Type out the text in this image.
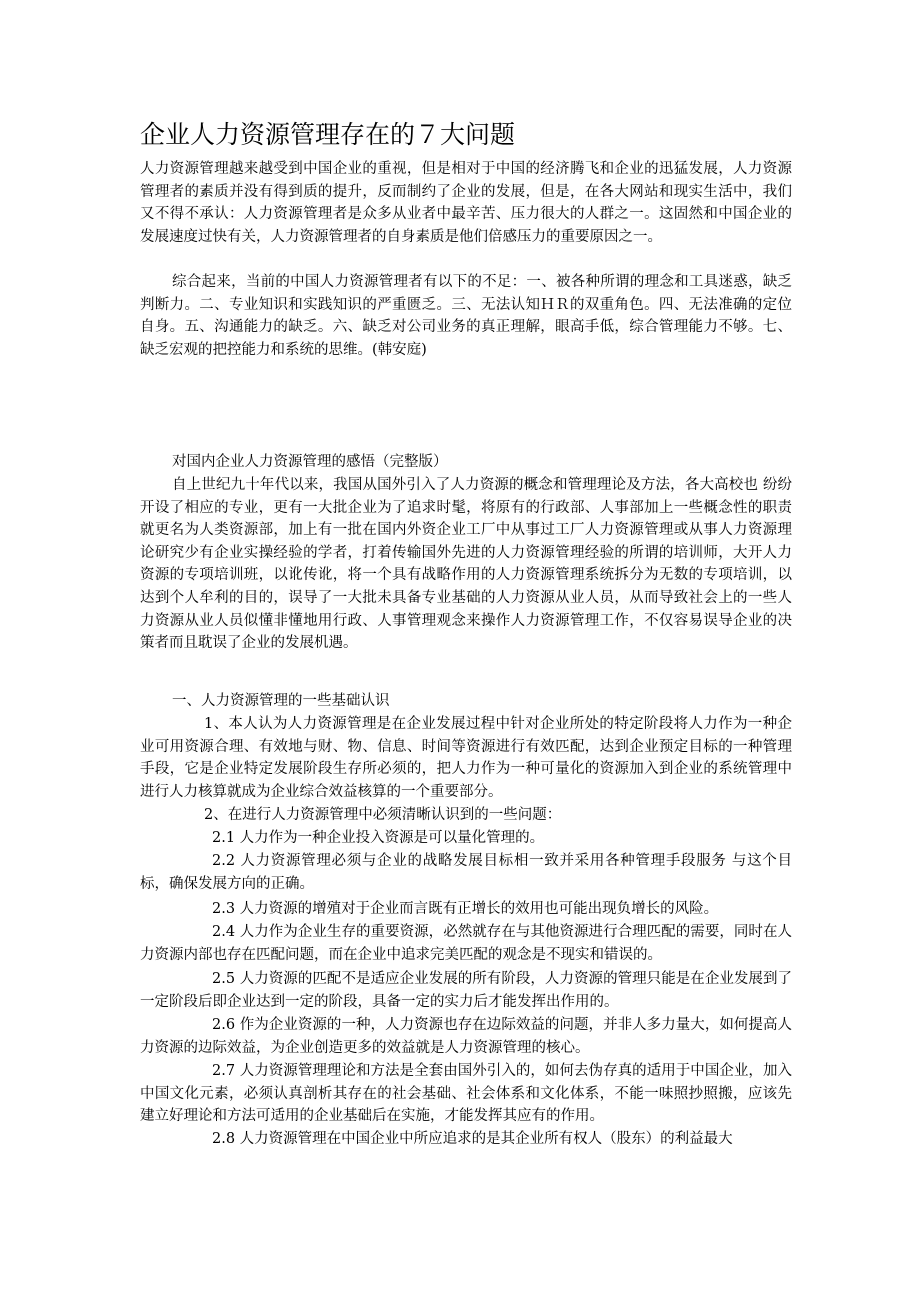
企业人力资源管理存在的７大问题

人力资源管理越来越受到中国企业的重视，但是相对于中国的经济腾飞和企业的迅猛发展，人力资源管理者的素质并没有得到质的提升，反而制约了企业的发展，但是，在各大网站和现实生活中，我们又不得不承认：人力资源管理者是众多从业者中最辛苦、压力很大的人群之一。这固然和中国企业的发展速度过快有关，人力资源管理者的自身素质是他们倍感压力的重要原因之一。

综合起来，当前的中国人力资源管理者有以下的不足：一、被各种所谓的理念和工具迷惑，缺乏判断力。二、专业知识和实践知识的严重匮乏。三、无法认知ＨＲ的双重角色。四、无法准确的定位自身。五、沟通能力的缺乏。六、缺乏对公司业务的真正理解，眼高手低，综合管理能力不够。七、缺乏宏观的把控能力和系统的思维。(韩安庭)

对国内企业人力资源管理的感悟（完整版）

自上世纪九十年代以来，我国从国外引入了人力资源的概念和管理理论及方法，各大高校也 纷纷开设了相应的专业，更有一大批企业为了追求时髦，将原有的行政部、人事部加上一些概念性的职责就更名为人类资源部，加上有一批在国内外资企业工厂中从事过工厂人力资源管理或从事人力资源理论研究少有企业实操经验的学者，打着传输国外先进的人力资源管理经验的所谓的培训师，大开人力资源的专项培训班，以讹传讹，将一个具有战略作用的人力资源管理系统拆分为无数的专项培训，以达到个人牟利的目的，误导了一大批未具备专业基础的人力资源从业人员，从而导致社会上的一些人力资源从业人员似懂非懂地用行政、人事管理观念来操作人力资源管理工作，不仅容易误导企业的决策者而且耽误了企业的发展机遇。

一、人力资源管理的一些基础认识

1、本人认为人力资源管理是在企业发展过程中针对企业所处的特定阶段将人力作为一种企业可用资源合理、有效地与财、物、信息、时间等资源进行有效匹配，达到企业预定目标的一种管理手段，它是企业特定发展阶段生存所必须的，把人力作为一种可量化的资源加入到企业的系统管理中进行人力核算就成为企业综合效益核算的一个重要部分。

2、在进行人力资源管理中必须清晰认识到的一些问题：

2.1 人力作为一种企业投入资源是可以量化管理的。

2.2 人力资源管理必须与企业的战略发展目标相一致并采用各种管理手段服务 与这个目标，确保发展方向的正确。

2.3 人力资源的增殖对于企业而言既有正增长的效用也可能出现负增长的风险。

2.4 人力作为企业生存的重要资源，必然就存在与其他资源进行合理匹配的需要，同时在人力资源内部也存在匹配问题，而在企业中追求完美匹配的观念是不现实和错误的。

2.5 人力资源的匹配不是适应企业发展的所有阶段，人力资源的管理只能是在企业发展到了一定阶段后即企业达到一定的阶段，具备一定的实力后才能发挥出作用的。

2.6 作为企业资源的一种，人力资源也存在边际效益的问题，并非人多力量大，如何提高人力资源的边际效益，为企业创造更多的效益就是人力资源管理的核心。

2.7 人力资源管理理论和方法是全套由国外引入的，如何去伪存真的适用于中国企业，加入中国文化元素，必须认真剖析其存在的社会基础、社会体系和文化体系，不能一味照抄照搬，应该先建立好理论和方法可适用的企业基础后在实施，才能发挥其应有的作用。

2.8 人力资源管理在中国企业中所应追求的是其企业所有权人（股东）的利益最大
